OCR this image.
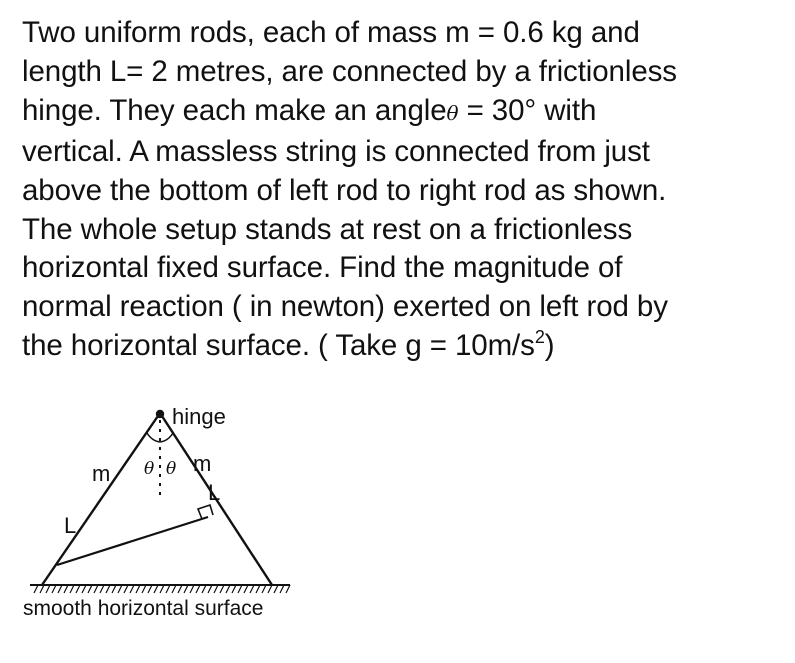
Two uniform rods, each of mass m = 0.6 kg and
length L= 2 metres, are connected by a frictionless
hinge. They each make an angleθ = 30° with
vertical. A massless string is connected from just
above the bottom of left rod to right rod as shown.
The whole setup stands at rest on a frictionless
horizontal fixed surface. Find the magnitude of
normal reaction ( in newton) exerted on left rod by
the horizontal surface. ( Take $g = 10m/s^2$)
hinge
θ θ
m	m
L
L
smooth horizontal surface
